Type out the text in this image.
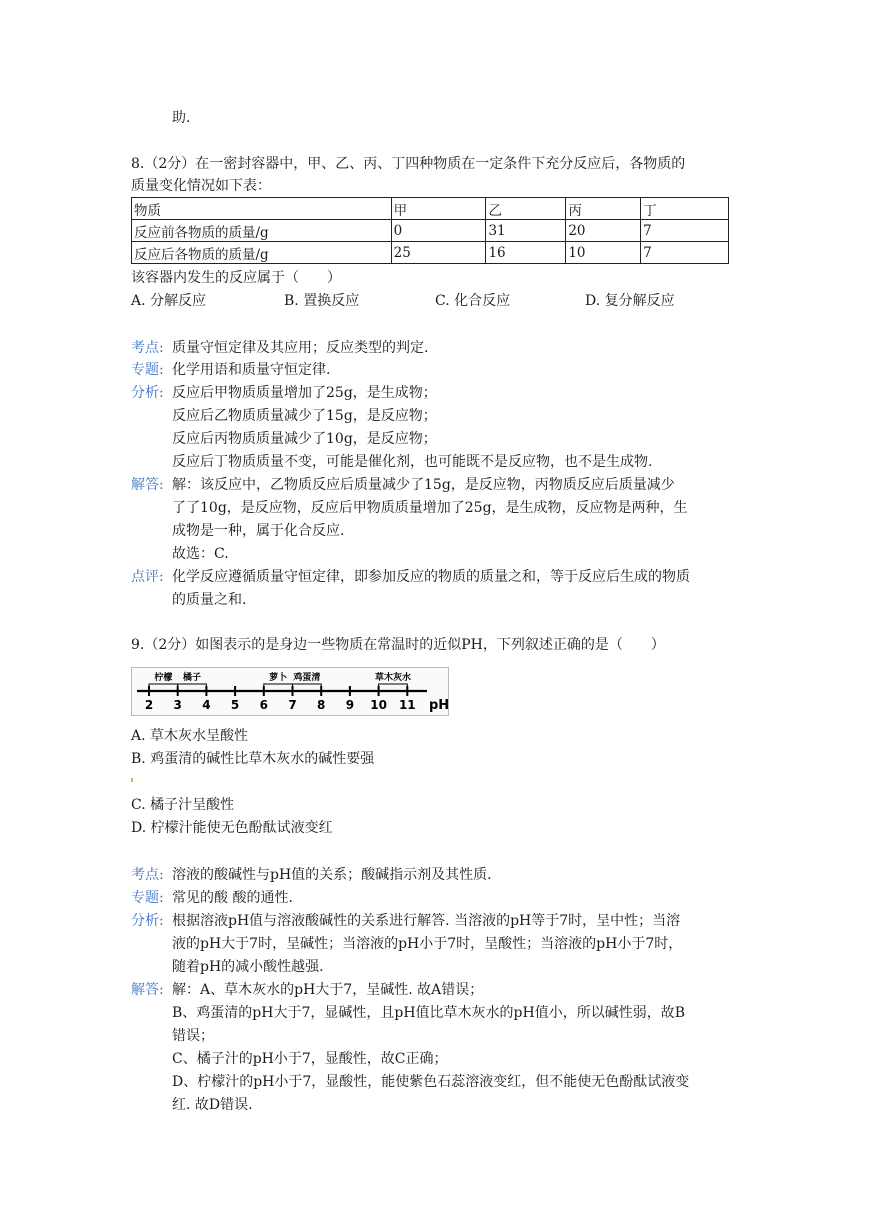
助.
8.（2分）在一密封容器中，甲、乙、丙、丁四种物质在一定条件下充分反应后，各物质的
质量变化情况如下表：
物质	甲	乙	丙	丁
反应前各物质的质量/g	0	31	20	7
反应后各物质的质量/g	25	16	10	7
该容器内发生的反应属于（　　）
A. 分解反应	B. 置换反应	C. 化合反应	D. 复分解反应
考点: 质量守恒定律及其应用；反应类型的判定.
专题: 化学用语和质量守恒定律.
分析: 反应后甲物质质量增加了25g，是生成物；
反应后乙物质质量减少了15g，是反应物；
反应后丙物质质量减少了10g，是反应物；
反应后丁物质质量不变，可能是催化剂，也可能既不是反应物，也不是生成物.
解答: 解：该反应中，乙物质反应后质量减少了15g，是反应物，丙物质反应后质量减少
了了10g，是反应物，反应后甲物质质量增加了25g，是生成物，反应物是两种，生
成物是一种，属于化合反应.
故选：C.
点评: 化学反应遵循质量守恒定律，即参加反应的物质的质量之和，等于反应后生成的物质
的质量之和.
9.（2分）如图表示的是身边一些物质在常温时的近似PH，下列叙述正确的是（　　）
柠檬 橘子	萝卜 鸡蛋清	草木灰水
2 3 4 5 6 7 8 9 10 11 pH
A. 草木灰水呈酸性
B. 鸡蛋清的碱性比草木灰水的碱性要强
C. 橘子汁呈酸性
D. 柠檬汁能使无色酚酞试液变红
考点: 溶液的酸碱性与pH值的关系；酸碱指示剂及其性质.
专题: 常见的酸 酸的通性.
分析: 根据溶液pH值与溶液酸碱性的关系进行解答. 当溶液的pH等于7时，呈中性；当溶
液的pH大于7时，呈碱性；当溶液的pH小于7时，呈酸性；当溶液的pH小于7时，
随着pH的减小酸性越强.
解答: 解：A、草木灰水的pH大于7，呈碱性. 故A错误；
B、鸡蛋清的pH大于7，显碱性，且pH值比草木灰水的pH值小，所以碱性弱，故B
错误；
C、橘子汁的pH小于7，显酸性，故C正确；
D、柠檬汁的pH小于7，显酸性，能使紫色石蕊溶液变红，但不能使无色酚酞试液变
红. 故D错误.
